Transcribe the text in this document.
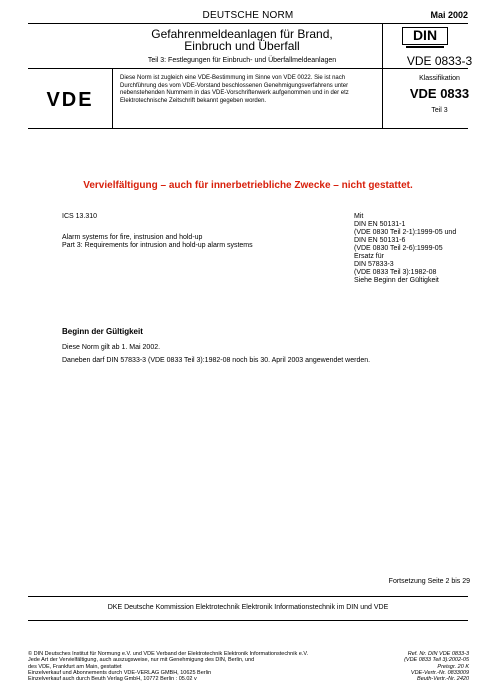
DEUTSCHE NORM	Mai 2002
Gefahrenmeldeanlagen für Brand,
Einbruch und Überfall
Teil 3: Festlegungen für Einbruch- und Überfallmeldeanlagen
DIN
VDE 0833-3
VDE
Diese Norm ist zugleich eine VDE-Bestimmung im Sinne von VDE 0022. Sie ist nach
Durchführung des vom VDE-Vorstand beschlossenen Genehmigungsverfahrens unter
nebenstehenden Nummern in das VDE-Vorschriftenwerk aufgenommen und in der etz
Elektrotechnische Zeitschrift bekannt gegeben worden.
Klassifikation
VDE 0833
Teil 3
Vervielfältigung – auch für innerbetriebliche Zwecke – nicht gestattet.
ICS 13.310
Alarm systems for fire, instrusion and hold-up
Part 3: Requirements for intrusion and hold-up alarm systems
Mit
DIN EN 50131-1
(VDE 0830 Teil 2-1):1999-05 und
DIN EN 50131-6
(VDE 0830 Teil 2-6):1999-05
Ersatz für
DIN 57833-3
(VDE 0833 Teil 3):1982-08
Siehe Beginn der Gültigkeit
Beginn der Gültigkeit
Diese Norm gilt ab 1. Mai 2002.
Daneben darf DIN 57833-3 (VDE 0833 Teil 3):1982-08 noch bis 30. April 2003 angewendet werden.
Fortsetzung Seite 2 bis 29
DKE Deutsche Kommission Elektrotechnik Elektronik Informationstechnik im DIN und VDE
© DIN Deutsches Institut für Normung e.V. und VDE Verband der Elektrotechnik Elektronik Informationstechnik e.V.
Jede Art der Vervielfältigung, auch auszugsweise, nur mit Genehmigung des DIN, Berlin, und
des VDE, Frankfurt am Main, gestattet
Einzelverkauf und Abonnements durch VDE-VERLAG GMBH, 10625 Berlin
Einzelverkauf auch durch Beuth Verlag GmbH, 10772 Berlin : 05.02 v
Ref. Nr. DIN VDE 0833-3
(VDE 0833 Teil 3):2002-05
Preisgr. 20 K
VDE-Vertr.-Nr. 0833009
Beuth-Vertr.-Nr. 2420
